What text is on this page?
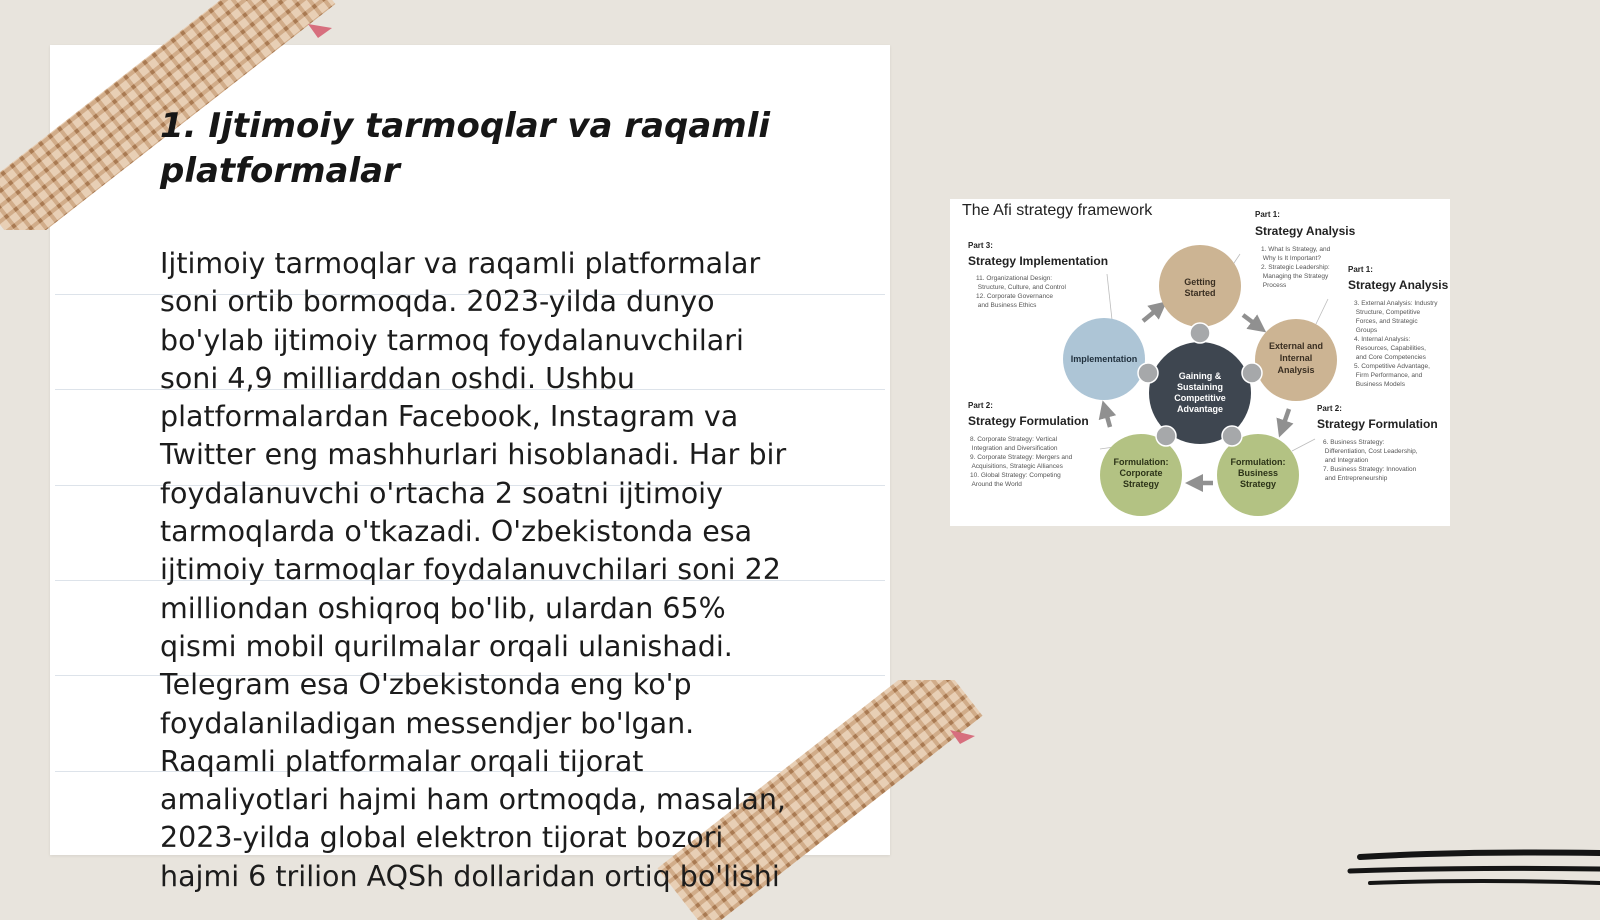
1. Ijtimoiy tarmoqlar va raqamli platformalar

Ijtimoiy tarmoqlar va raqamli platformalar
soni ortib bormoqda. 2023-yilda dunyo
bo'ylab ijtimoiy tarmoq foydalanuvchilari
soni 4,9 milliarddan oshdi. Ushbu
platformalardan Facebook, Instagram va
Twitter eng mashhurlari hisoblanadi. Har bir
foydalanuvchi o'rtacha 2 soatni ijtimoiy
tarmoqlarda o'tkazadi. O'zbekistonda esa
ijtimoiy tarmoqlar foydalanuvchilari soni 22
milliondan oshiqroq bo'lib, ulardan 65%
qismi mobil qurilmalar orqali ulanishadi.
Telegram esa O'zbekistonda eng ko'p
foydalaniladigan messendjer bo'lgan.
Raqamli platformalar orqali tijorat
amaliyotlari hajmi ham ortmoqda, masalan,
2023-yilda global elektron tijorat bozori
hajmi 6 trilion AQSh dollaridan ortiq bo'lishi

The Afi strategy framework
Getting Started
External and Internal Analysis
Formulation: Business Strategy
Formulation: Corporate Strategy
Implementation
Gaining & Sustaining Competitive Advantage
Part 3:
Strategy Implementation
11. Organizational Design: Structure, Culture, and Control 12. Corporate Governance and Business Ethics
Part 1:
Strategy Analysis
1. What Is Strategy, and Why Is It Important? 2. Strategic Leadership: Managing the Strategy Process
Part 1:
Strategy Analysis
3. External Analysis: Industry Structure, Competitive Forces, and Strategic Groups 4. Internal Analysis: Resources, Capabilities, and Core Competencies 5. Competitive Advantage, Firm Performance, and Business Models
Part 2:
Strategy Formulation
6. Business Strategy: Differentiation, Cost Leadership, and Integration 7. Business Strategy: Innovation and Entrepreneurship
Part 2:
Strategy Formulation
8. Corporate Strategy: Vertical Integration and Diversification 9. Corporate Strategy: Mergers and Acquisitions, Strategic Alliances 10. Global Strategy: Competing Around the World
